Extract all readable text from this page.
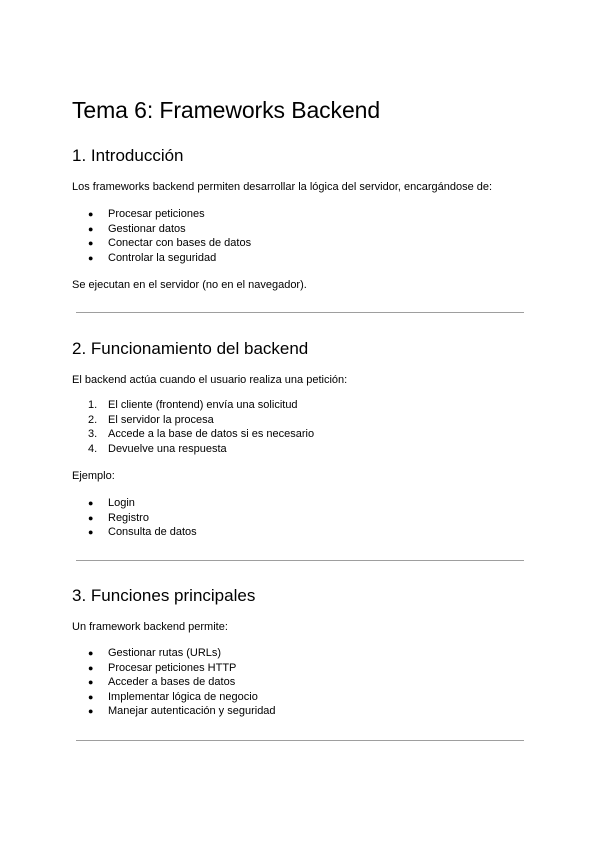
Tema 6: Frameworks Backend
1. Introducción

Los frameworks backend permiten desarrollar la lógica del servidor, encargándose de:

● Procesar peticiones
● Gestionar datos
● Conectar con bases de datos
● Controlar la seguridad

Se ejecutan en el servidor (no en el navegador).

2. Funcionamiento del backend

El backend actúa cuando el usuario realiza una petición:

1. El cliente (frontend) envía una solicitud
2. El servidor la procesa
3. Accede a la base de datos si es necesario
4. Devuelve una respuesta

Ejemplo:

● Login
● Registro
● Consulta de datos
3. Funciones principales

Un framework backend permite:

● Gestionar rutas (URLs)
● Procesar peticiones HTTP
● Acceder a bases de datos
● Implementar lógica de negocio
● Manejar autenticación y seguridad
